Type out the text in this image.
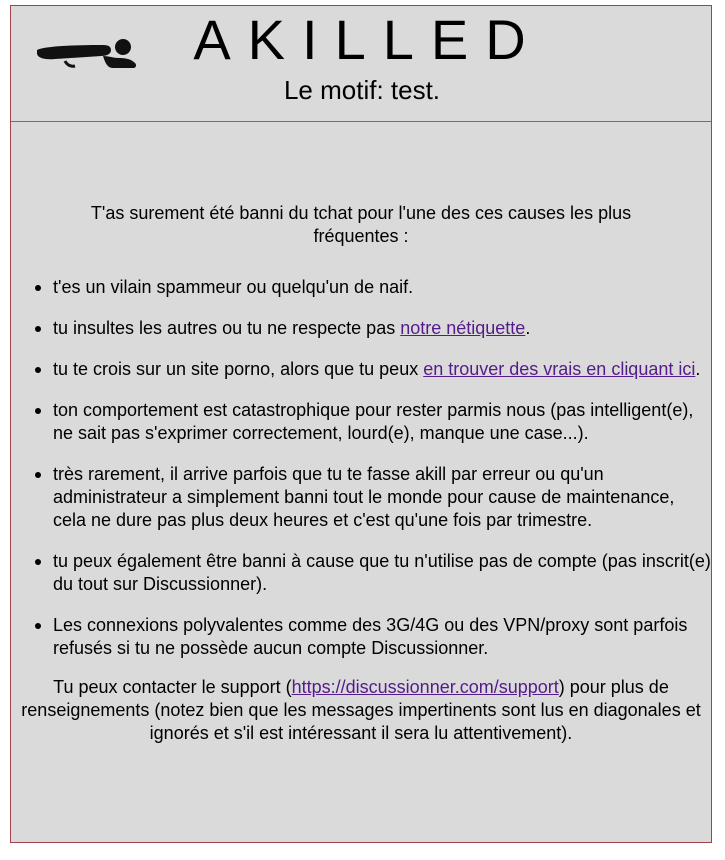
AKILLED
Le motif: test.

T'as surement été banni du tchat pour l'une des ces causes les plus fréquentes :

t'es un vilain spammeur ou quelqu'un de naif.
tu insultes les autres ou tu ne respecte pas notre nétiquette.
tu te crois sur un site porno, alors que tu peux en trouver des vrais en cliquant ici.
ton comportement est catastrophique pour rester parmis nous (pas intelligent(e), ne sait pas s'exprimer correctement, lourd(e), manque une case...).
très rarement, il arrive parfois que tu te fasse akill par erreur ou qu'un administrateur a simplement banni tout le monde pour cause de maintenance, cela ne dure pas plus deux heures et c'est qu'une fois par trimestre.
tu peux également être banni à cause que tu n'utilise pas de compte (pas inscrit(e) du tout sur Discussionner).
Les connexions polyvalentes comme des 3G/4G ou des VPN/proxy sont parfois refusés si tu ne possède aucun compte Discussionner.

Tu peux contacter le support (https://discussionner.com/support) pour plus de renseignements (notez bien que les messages impertinents sont lus en diagonales et ignorés et s'il est intéressant il sera lu attentivement).
